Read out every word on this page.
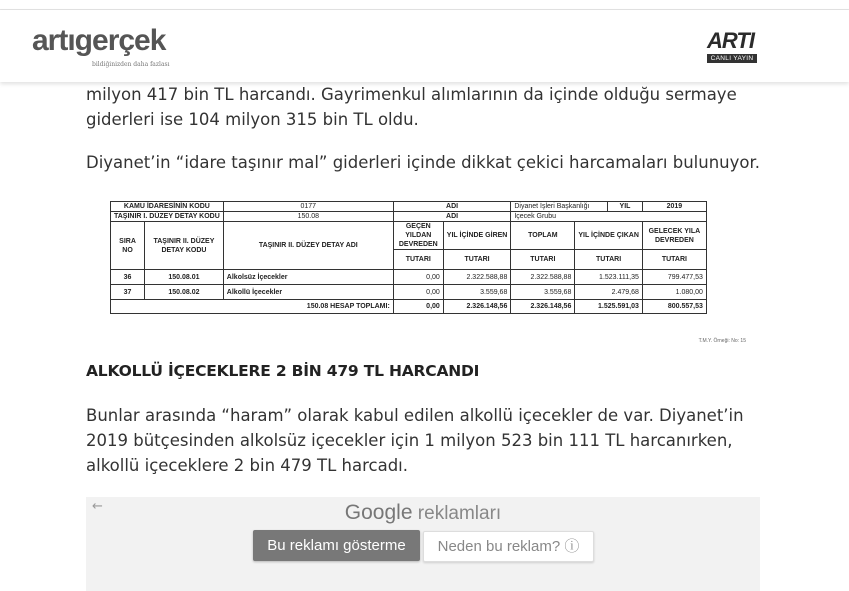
artıgerçek
bildiğinizden daha fazlası
ARTI
CANLI YAYIN

milyon 417 bin TL harcandı. Gayrimenkul alımlarının da içinde olduğu sermaye giderleri ise 104 milyon 315 bin TL oldu.

Diyanet’in “idare taşınır mal” giderleri içinde dikkat çekici harcamaları bulunuyor.

ALKOLLÜ İÇECEKLERE 2 BİN 479 TL HARCANDI

Bunlar arasında “haram” olarak kabul edilen alkollü içecekler de var. Diyanet’in 2019 bütçesinden alkolsüz içecekler için 1 milyon 523 bin 111 TL harcanırken, alkollü içeceklere 2 bin 479 TL harcadı.

KAMU İDARESİNİN KODU		0177	ADI		Diyanet İşleri Başkanlığı		YIL	2019
TAŞINIR I. DÜZEY DETAY KODU		150.08	ADI		İçecek Grubu			
SIRA NO	TAŞINIR II. DÜZEY DETAY KODU	TAŞINIR II. DÜZEY DETAY ADI	GEÇEN YILDAN DEVREDEN	YIL İÇİNDE GİREN	TOPLAM	YIL İÇİNDE ÇIKAN		GELECEK YILA DEVREDEN
			TUTARI	TUTARI	TUTARI	TUTARI		TUTARI
36	150.08.01	Alkolsüz İçecekler	0,00	2.322.588,88	2.322.588,88	1.523.111,35		799.477,53
37	150.08.02	Alkollü İçecekler	0,00	3.559,68	3.559,68	2.479,68		1.080,00
150.08 HESAP TOPLAMI:			0,00	2.326.148,56	2.326.148,56	1.525.591,03		800.557,53
T.M.Y. Örneği: No: 15
←	Google reklamları
Bu reklamı gösterme	Neden bu reklam? ⓘ
